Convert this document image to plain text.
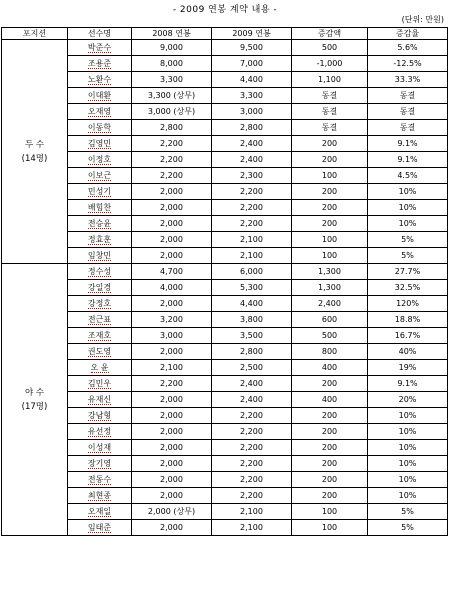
- 2009 연봉 계약 내용 -
(단위: 만원)
포지션	선수명	2008 연봉	2009 연봉	증감액	증감율

두 수
(14명)	박준수	9,000	9,500	500	5.6%
	조용준	8,000	7,000	-1,000	-12.5%
	노환수	3,300	4,400	1,100	33.3%
	이대환	3,300 (상무)	3,300	동결	동결
	오재영	3,000 (상무)	3,000	동결	동결
	이동학	2,800	2,800	동결	동결
	김영민	2,200	2,400	200	9.1%
	이정호	2,200	2,400	200	9.1%
	이보근	2,200	2,300	100	4.5%
	민성기	2,000	2,200	200	10%
	배힘찬	2,000	2,200	200	10%
	전승윤	2,000	2,200	200	10%
	정효훈	2,000	2,100	100	5%
	임창민	2,000	2,100	100	5%

야 수
(17명)	정수성	4,700	6,000	1,300	27.7%
	강일경	4,000	5,300	1,300	32.5%
	강정호	2,000	4,400	2,400	120%
	전근표	3,200	3,800	600	18.8%
	조재호	3,000	3,500	500	16.7%
	권도영	2,000	2,800	800	40%
	오 윤	2,100	2,500	400	19%
	김민우	2,200	2,400	200	9.1%
	유재신	2,000	2,400	400	20%
	강남형	2,000	2,200	200	10%
	유선정	2,000	2,200	200	10%
	이성재	2,000	2,200	200	10%
	장기영	2,000	2,200	200	10%
	전동수	2,000	2,200	200	10%
	최현종	2,000	2,200	200	10%
	오재일	2,000 (상무)	2,100	100	5%
	임태준	2,000	2,100	100	5%
